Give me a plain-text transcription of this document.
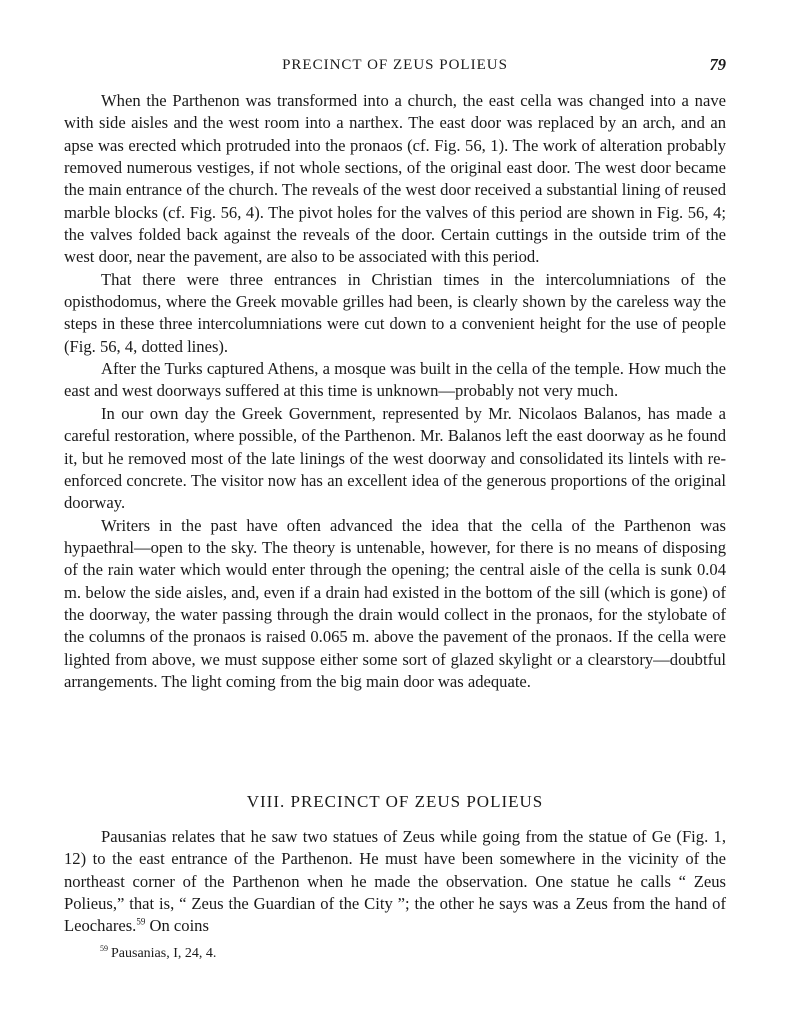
PRECINCT OF ZEUS POLIEUS	79

When the Parthenon was transformed into a church, the east cella was changed into a nave with side aisles and the west room into a narthex. The east door was replaced by an arch, and an apse was erected which protruded into the pronaos (cf. Fig. 56, 1). The work of alteration probably removed numerous vestiges, if not whole sections, of the original east door. The west door became the main entrance of the church. The reveals of the west door received a substantial lining of reused marble blocks (cf. Fig. 56, 4). The pivot holes for the valves of this period are shown in Fig. 56, 4; the valves folded back against the reveals of the door. Certain cuttings in the outside trim of the west door, near the pavement, are also to be associated with this period.

That there were three entrances in Christian times in the intercolumniations of the opisthodomus, where the Greek movable grilles had been, is clearly shown by the careless way the steps in these three intercolumniations were cut down to a convenient height for the use of people (Fig. 56, 4, dotted lines).

After the Turks captured Athens, a mosque was built in the cella of the temple. How much the east and west doorways suffered at this time is unknown—probably not very much.

In our own day the Greek Government, represented by Mr. Nicolaos Balanos, has made a careful restoration, where possible, of the Parthenon. Mr. Balanos left the east doorway as he found it, but he removed most of the late linings of the west doorway and consolidated its lintels with re-enforced concrete. The visitor now has an excellent idea of the generous proportions of the original doorway.

Writers in the past have often advanced the idea that the cella of the Parthenon was hypaethral—open to the sky. The theory is untenable, however, for there is no means of disposing of the rain water which would enter through the opening; the central aisle of the cella is sunk 0.04 m. below the side aisles, and, even if a drain had existed in the bottom of the sill (which is gone) of the doorway, the water passing through the drain would collect in the pronaos, for the stylobate of the columns of the pronaos is raised 0.065 m. above the pavement of the pronaos. If the cella were lighted from above, we must suppose either some sort of glazed skylight or a clearstory—doubtful arrangements. The light coming from the big main door was adequate.

VIII. PRECINCT OF ZEUS POLIEUS

Pausanias relates that he saw two statues of Zeus while going from the statue of Ge (Fig. 1, 12) to the east entrance of the Parthenon. He must have been somewhere in the vicinity of the northeast corner of the Parthenon when he made the observation. One statue he calls “ Zeus Polieus,” that is, “ Zeus the Guardian of the City ”; the other he says was a Zeus from the hand of Leochares.$^{59}$ On coins

$^{59}$ Pausanias, I, 24, 4.
